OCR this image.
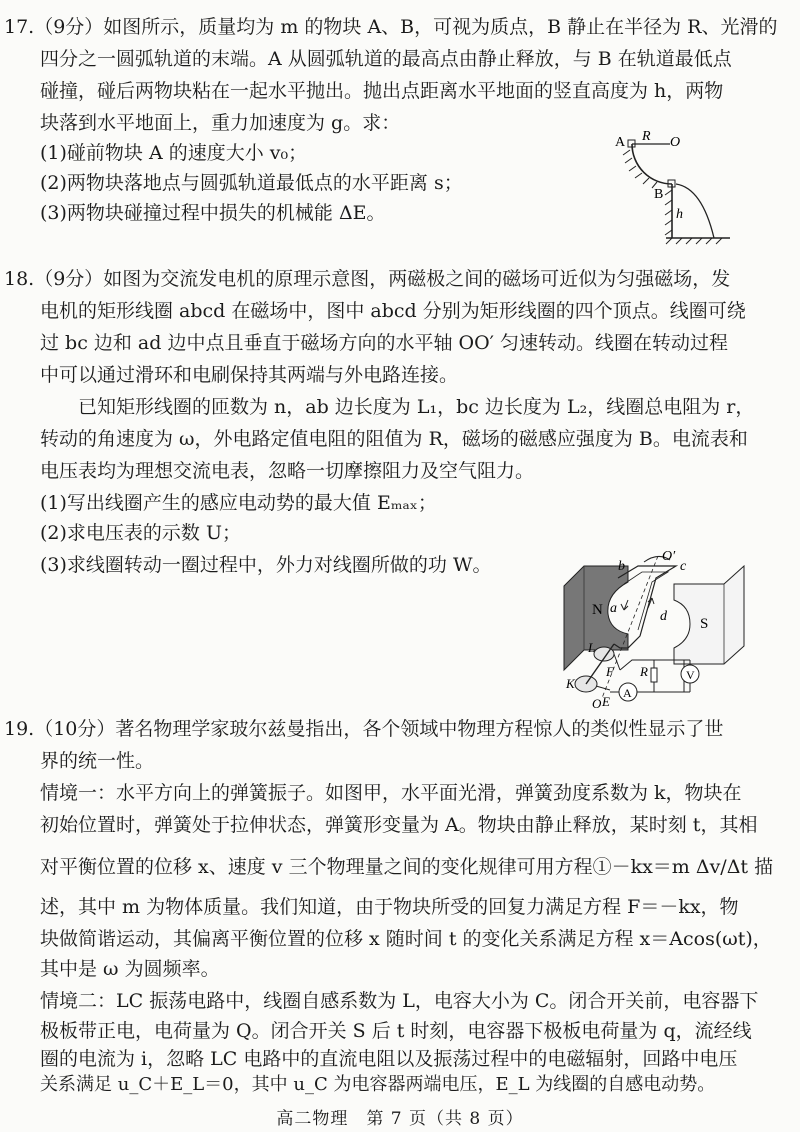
17.（9分）如图所示，质量均为 m 的物块 A、B，可视为质点，B 静止在半径为 R、光滑的
四分之一圆弧轨道的末端。A 从圆弧轨道的最高点由静止释放，与 B 在轨道最低点
碰撞，碰后两物块粘在一起水平抛出。抛出点距离水平地面的竖直高度为 h，两物
块落到水平地面上，重力加速度为 g。求：
(1)碰前物块 A 的速度大小 v₀；
(2)两物块落地点与圆弧轨道最低点的水平距离 s；
(3)两物块碰撞过程中损失的机械能 ΔE。
A R O
B
h
18.（9分）如图为交流发电机的原理示意图，两磁极之间的磁场可近似为匀强磁场，发
电机的矩形线圈 abcd 在磁场中，图中 abcd 分别为矩形线圈的四个顶点。线圈可绕
过 bc 边和 ad 边中点且垂直于磁场方向的水平轴 OO′ 匀速转动。线圈在转动过程
中可以通过滑环和电刷保持其两端与外电路连接。
　　已知矩形线圈的匝数为 n，ab 边长度为 L₁，bc 边长度为 L₂，线圈总电阻为 r，
转动的角速度为 ω，外电路定值电阻的阻值为 R，磁场的磁感应强度为 B。电流表和
电压表均为理想交流电表，忽略一切摩擦阻力及空气阻力。
(1)写出线圈产生的感应电动势的最大值 Eₘₐₓ；
(2)求电压表的示数 U；
(3)求线圈转动一圈过程中，外力对线圈所做的功 W。	b
O′
c
N
S
a
d
L
F R	V
K
A
E
O
19.（10分）著名物理学家玻尔兹曼指出，各个领域中物理方程惊人的类似性显示了世
界的统一性。
情境一：水平方向上的弹簧振子。如图甲，水平面光滑，弹簧劲度系数为 k，物块在
初始位置时，弹簧处于拉伸状态，弹簧形变量为 A。物块由静止释放，某时刻 t，其相
对平衡位置的位移 x、速度 v 三个物理量之间的变化规律可用方程①－kx＝m Δv/Δt 描
述，其中 m 为物体质量。我们知道，由于物块所受的回复力满足方程 F＝－kx，物
块做简谐运动，其偏离平衡位置的位移 x 随时间 t 的变化关系满足方程 x＝Acos(ωt)，
其中是 ω 为圆频率。
情境二：LC 振荡电路中，线圈自感系数为 L，电容大小为 C。闭合开关前，电容器下
极板带正电，电荷量为 Q。闭合开关 S 后 t 时刻，电容器下极板电荷量为 q，流经线
圈的电流为 i，忽略 LC 电路中的直流电阻以及振荡过程中的电磁辐射，回路中电压
关系满足 u_C＋E_L＝0，其中 u_C 为电容器两端电压，E_L 为线圈的自感电动势。
高二物理　第 7 页（共 8 页）
